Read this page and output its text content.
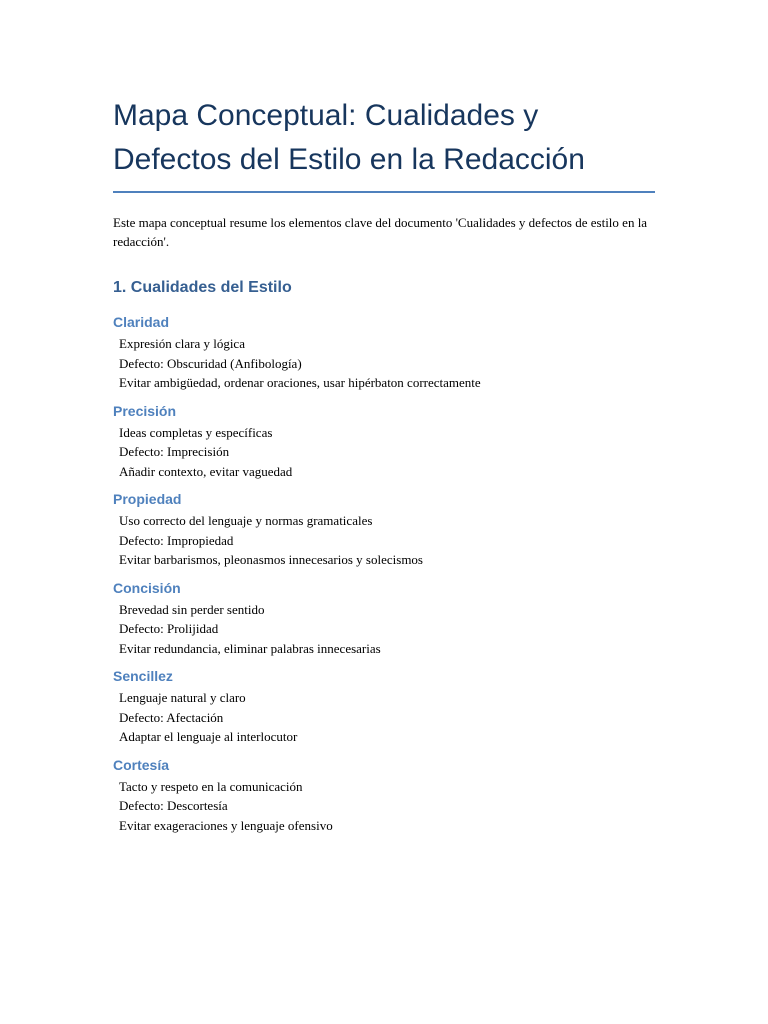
Mapa Conceptual: Cualidades y
Defectos del Estilo en la Redacción

Este mapa conceptual resume los elementos clave del documento 'Cualidades y defectos de estilo en la redacción'.

1. Cualidades del Estilo
Claridad
Expresión clara y lógica
Defecto: Obscuridad (Anfibología)
Evitar ambigüedad, ordenar oraciones, usar hipérbaton correctamente
Precisión
Ideas completas y específicas
Defecto: Imprecisión
Añadir contexto, evitar vaguedad
Propiedad
Uso correcto del lenguaje y normas gramaticales
Defecto: Impropiedad
Evitar barbarismos, pleonasmos innecesarios y solecismos
Concisión
Brevedad sin perder sentido
Defecto: Prolijidad
Evitar redundancia, eliminar palabras innecesarias
Sencillez
Lenguaje natural y claro
Defecto: Afectación
Adaptar el lenguaje al interlocutor
Cortesía
Tacto y respeto en la comunicación
Defecto: Descortesía
Evitar exageraciones y lenguaje ofensivo
